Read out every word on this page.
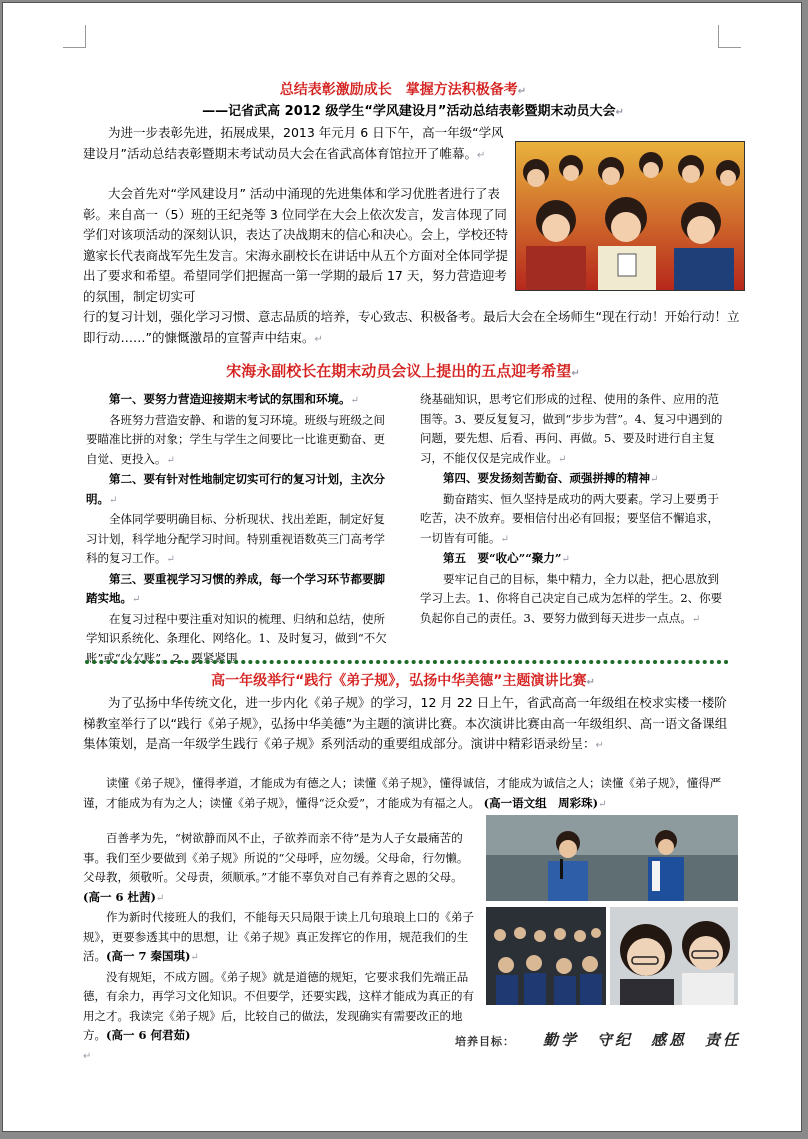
总结表彰激励成长　掌握方法积极备考↵
——记省武高 2012 级学生“学风建设月”活动总结表彰暨期末动员大会↵
为进一步表彰先进，拓展成果，2013 年元月 6 日下午，高一年级“学风建设月”活动总结表彰暨期末考试动员大会在省武高体育馆拉开了帷幕。↵
大会首先对“学风建设月” 活动中涌现的先进集体和学习优胜者进行了表彰。来自高一（5）班的王纪尧等 3 位同学在大会上依次发言，发言体现了同学们对该项活动的深刻认识，表达了决战期末的信心和决心。会上，学校还特邀家长代表商战军先生发言。宋海永副校长在讲话中从五个方面对全体同学提出了要求和希望。希望同学们把握高一第一学期的最后 17 天，努力营造迎考的氛围，制定切实可
行的复习计划，强化学习习惯、意志品质的培养，专心致志、积极备考。最后大会在全场师生“现在行动！开始行动！立即行动……”的慷慨激昂的宣誓声中结束。↵
宋海永副校长在期末动员会议上提出的五点迎考希望↵
第一、要努力营造迎接期末考试的氛围和环境。↵
各班努力营造安静、和谐的复习环境。班级与班级之间要瞄准比拼的对象；学生与学生之间要比一比谁更勤奋、更自觉、更投入。↵
第二、要有针对性地制定切实可行的复习计划，主次分明。↵
全体同学要明确目标、分析现状、找出差距，制定好复习计划，科学地分配学习时间。特别重视语数英三门高考学科的复习工作。↵
第三、要重视学习习惯的养成，每一个学习环节都要脚踏实地。↵
在复习过程中要注重对知识的梳理、归纳和总结，使所学知识系统化、条理化、网络化。1、及时复习，做到“不欠账”或“少欠账”。2、要紧紧围
绕基础知识，思考它们形成的过程、使用的条件、应用的范围等。3、要反复复习，做到“步步为营”。4、复习中遇到的问题，要先想、后看、再问、再做。5、要及时进行自主复习，不能仅仅是完成作业。↵
第四、要发扬刻苦勤奋、顽强拼搏的精神↵
勤奋踏实、恒久坚持是成功的两大要素。学习上要勇于吃苦，决不放弃。要相信付出必有回报；要坚信不懈追求，一切皆有可能。↵
第五　要“收心”“聚力”↵
要牢记自己的目标，集中精力，全力以赴，把心思放到学习上去。1、你将自己决定自己成为怎样的学生。2、你要负起你自己的责任。3、要努力做到每天进步一点点。↵
高一年级举行“践行《弟子规》，弘扬中华美德”主题演讲比赛↵
为了弘扬中华传统文化，进一步内化《弟子规》的学习，12 月 22 日上午，省武高高一年级组在校求实楼一楼阶梯教室举行了以“践行《弟子规》，弘扬中华美德”为主题的演讲比赛。本次演讲比赛由高一年级组织、高一语文备课组集体策划，是高一年级学生践行《弟子规》系列活动的重要组成部分。演讲中精彩语录纷呈：↵
读懂《弟子规》，懂得孝道，才能成为有德之人；读懂《弟子规》，懂得诚信，才能成为诚信之人；读懂《弟子规》，懂得严谨，才能成为有为之人；读懂《弟子规》，懂得“泛众爱”，才能成为有福之人。 (高一语文组　周彩珠)↵
百善孝为先，“树欲静而风不止，子欲养而亲不待”是为人子女最痛苦的事。我们至少要做到《弟子规》所说的“父母呼，应勿缓。父母命，行勿懒。父母教，须敬听。父母责，须顺承。”才能不辜负对自己有养育之恩的父母。(高一 6 杜茜)↵
作为新时代接班人的我们，不能每天只局限于读上几句琅琅上口的《弟子规》，更要参透其中的思想，让《弟子规》真正发挥它的作用，规范我们的生活。(高一 7 秦国琪)↵
没有规矩，不成方圆。《弟子规》就是道德的规矩，它要求我们先端正品德，有余力，再学习文化知识。不但要学，还要实践，这样才能成为真正的有用之才。我读完《弟子规》后，比较自己的做法，发现确实有需要改正的地方。(高一 6 何君茹)	培养目标： 勤学　守纪　感恩　责任
↵
